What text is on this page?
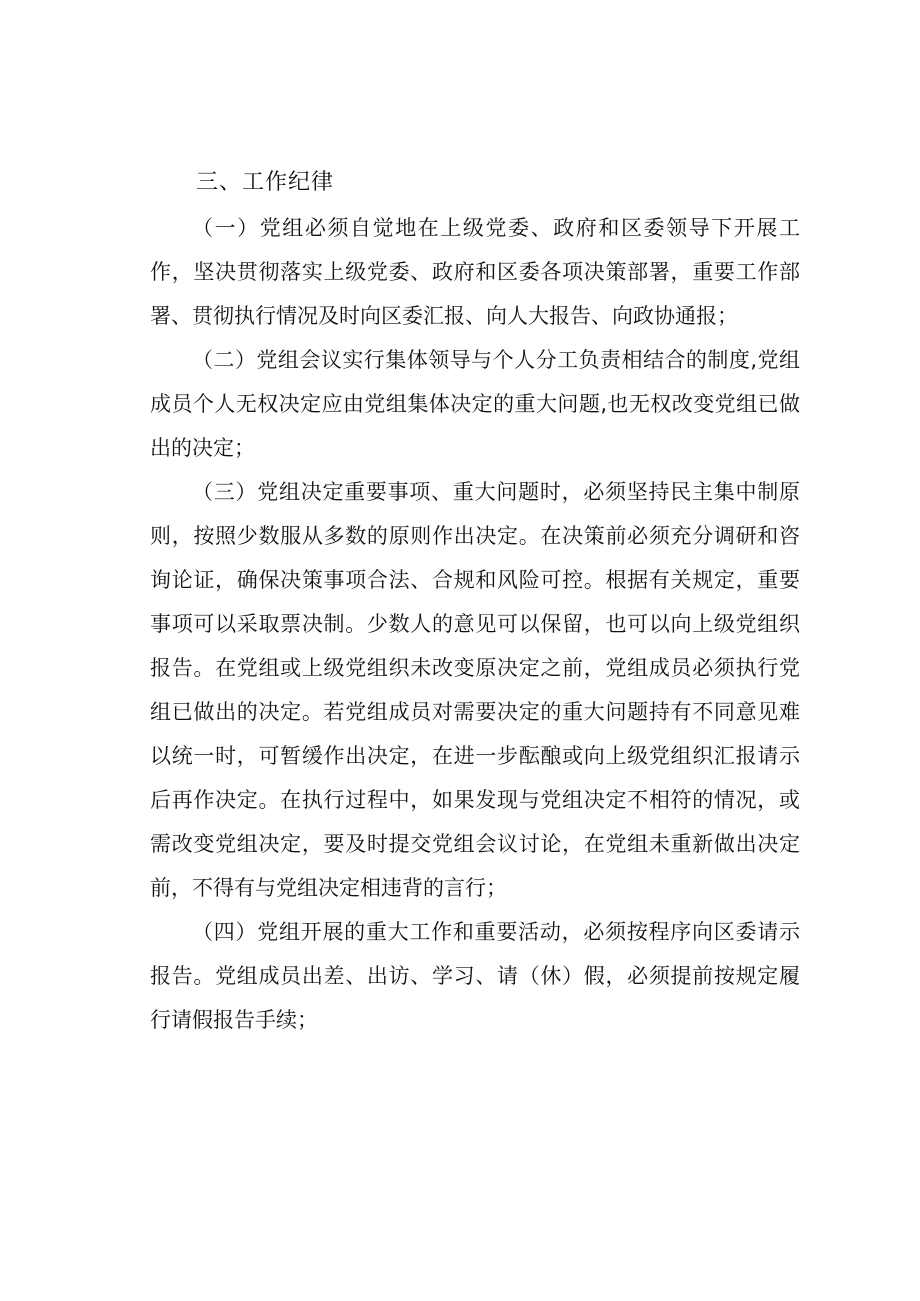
三、工作纪律

（一）党组必须自觉地在上级党委、政府和区委领导下开展工作，坚决贯彻落实上级党委、政府和区委各项决策部署，重要工作部署、贯彻执行情况及时向区委汇报、向人大报告、向政协通报；

（二）党组会议实行集体领导与个人分工负责相结合的制度,党组成员个人无权决定应由党组集体决定的重大问题,也无权改变党组已做出的决定；

（三）党组决定重要事项、重大问题时，必须坚持民主集中制原则，按照少数服从多数的原则作出决定。在决策前必须充分调研和咨询论证，确保决策事项合法、合规和风险可控。根据有关规定，重要事项可以采取票决制。少数人的意见可以保留，也可以向上级党组织报告。在党组或上级党组织未改变原决定之前，党组成员必须执行党组已做出的决定。若党组成员对需要决定的重大问题持有不同意见难以统一时，可暂缓作出决定，在进一步酝酿或向上级党组织汇报请示后再作决定。在执行过程中，如果发现与党组决定不相符的情况，或需改变党组决定，要及时提交党组会议讨论，在党组未重新做出决定前，不得有与党组决定相违背的言行；

（四）党组开展的重大工作和重要活动，必须按程序向区委请示报告。党组成员出差、出访、学习、请（休）假，必须提前按规定履行请假报告手续；
